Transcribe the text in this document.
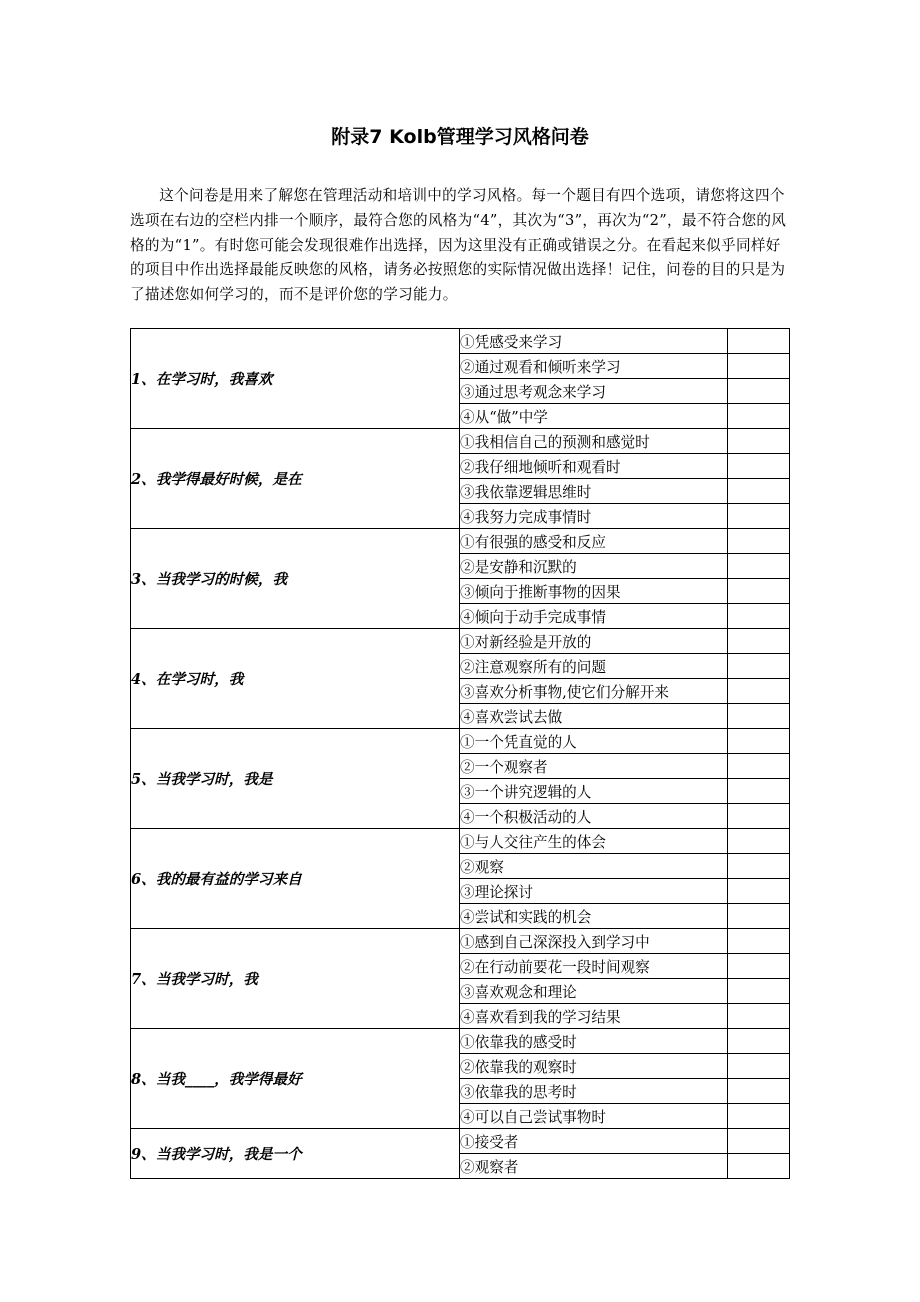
附录7 Kolb管理学习风格问卷
这个问卷是用来了解您在管理活动和培训中的学习风格。每一个题目有四个选项，请您将这四个选项在右边的空栏内排一个顺序，最符合您的风格为“4”，其次为“3”，再次为“2”，最不符合您的风格的为“1”。有时您可能会发现很难作出选择，因为这里没有正确或错误之分。在看起来似乎同样好的项目中作出选择最能反映您的风格，请务必按照您的实际情况做出选择！记住，问卷的目的只是为了描述您如何学习的，而不是评价您的学习能力。
1、在学习时，我喜欢	①凭感受来学习	
	②通过观看和倾听来学习	
	③通过思考观念来学习	
	④从“做”中学	
2、我学得最好时候，是在	①我相信自己的预测和感觉时	
	②我仔细地倾听和观看时	
	③我依靠逻辑思维时	
	④我努力完成事情时	
3、当我学习的时候，我	①有很强的感受和反应	
	②是安静和沉默的	
	③倾向于推断事物的因果	
	④倾向于动手完成事情	
4、在学习时，我	①对新经验是开放的	
	②注意观察所有的问题	
	③喜欢分析事物,使它们分解开来	
	④喜欢尝试去做	
5、当我学习时，我是	①一个凭直觉的人	
	②一个观察者	
	③一个讲究逻辑的人	
	④一个积极活动的人	
6、我的最有益的学习来自	①与人交往产生的体会	
	②观察	
	③理论探讨	
	④尝试和实践的机会	
7、当我学习时，我	①感到自己深深投入到学习中	
	②在行动前要花一段时间观察	
	③喜欢观念和理论	
	④喜欢看到我的学习结果	
8、当我____，我学得最好	①依靠我的感受时	
	②依靠我的观察时	
	③依靠我的思考时	
	④可以自己尝试事物时	
9、当我学习时，我是一个	①接受者	
	②观察者	
